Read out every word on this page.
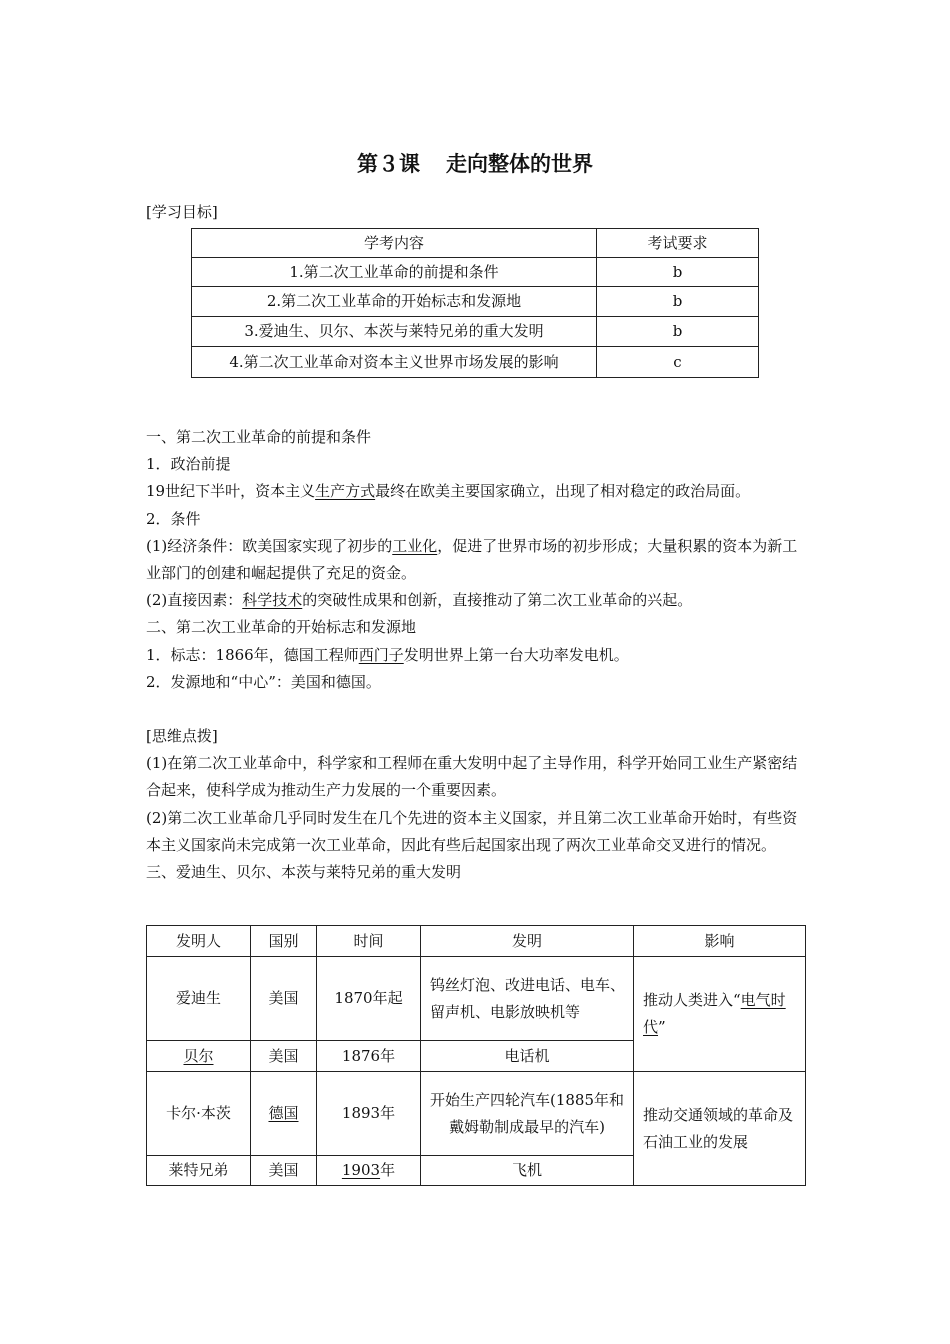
第３课 走向整体的世界
[学习目标]
学考内容	考试要求
1.第二次工业革命的前提和条件	b
2.第二次工业革命的开始标志和发源地	b
3.爱迪生、贝尔、本茨与莱特兄弟的重大发明	b
4.第二次工业革命对资本主义世界市场发展的影响	c

一、第二次工业革命的前提和条件

1．政治前提

19世纪下半叶，资本主义生产方式最终在欧美主要国家确立，出现了相对稳定的政治局面。

2．条件

(1)经济条件：欧美国家实现了初步的工业化，促进了世界市场的初步形成；大量积累的资本为新工业部门的创建和崛起提供了充足的资金。

(2)直接因素：科学技术的突破性成果和创新，直接推动了第二次工业革命的兴起。

二、第二次工业革命的开始标志和发源地

1．标志：1866年，德国工程师西门子发明世界上第一台大功率发电机。

2．发源地和“中心”：美国和德国。

[思维点拨]

(1)在第二次工业革命中，科学家和工程师在重大发明中起了主导作用，科学开始同工业生产紧密结合起来，使科学成为推动生产力发展的一个重要因素。

(2)第二次工业革命几乎同时发生在几个先进的资本主义国家，并且第二次工业革命开始时，有些资本主义国家尚未完成第一次工业革命，因此有些后起国家出现了两次工业革命交叉进行的情况。

三、爱迪生、贝尔、本茨与莱特兄弟的重大发明

发明人	国别	时间	发明	影响
爱迪生	美国	1870年起	钨丝灯泡、改进电话、电车、留声机、电影放映机等	推动人类进入“电气时代”
贝尔	美国	1876年	电话机	
卡尔·本茨	德国	1893年	开始生产四轮汽车(1885年和戴姆勒制成最早的汽车)	推动交通领域的革命及石油工业的发展
莱特兄弟	美国	1903年	飞机	
